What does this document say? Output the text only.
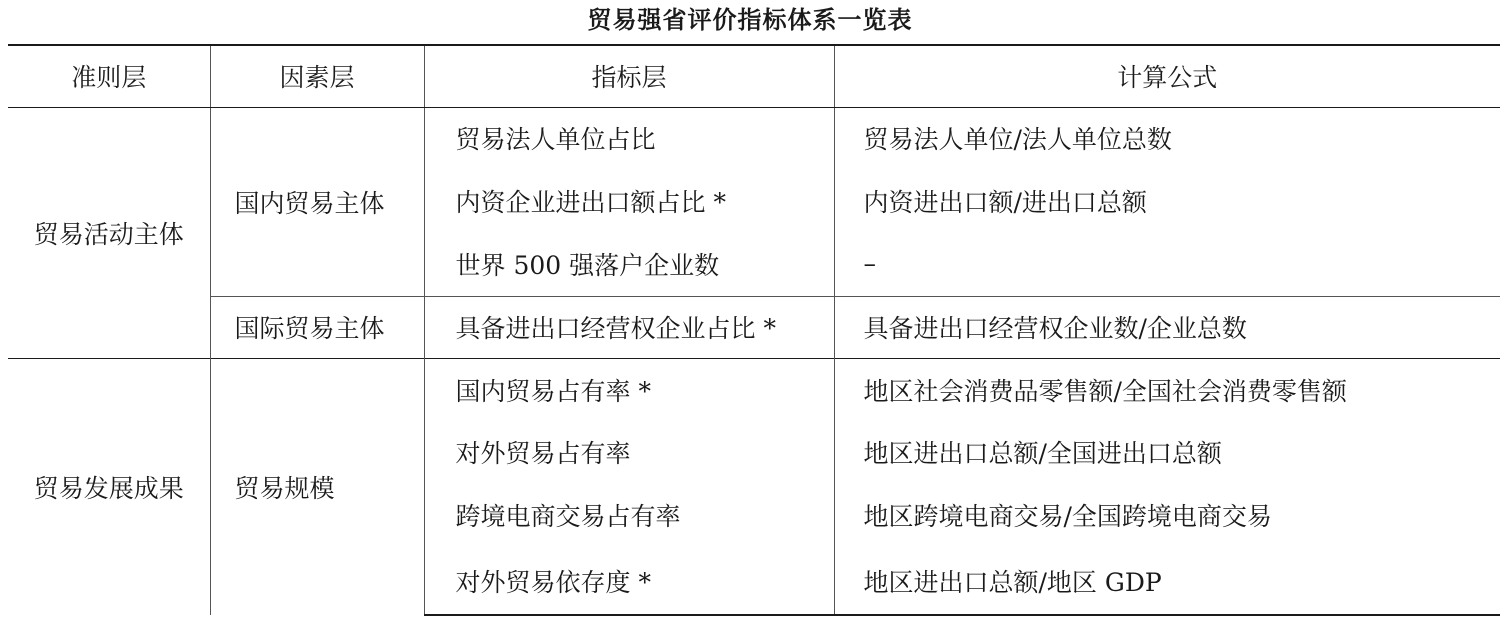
贸易强省评价指标体系一览表
准则层	因素层	指标层	计算公式
贸易活动主体	国内贸易主体	贸易法人单位占比	贸易法人单位/法人单位总数
		内资企业进出口额占比 *	内资进出口额/进出口总额
		世界 500 强落户企业数	–
	国际贸易主体	具备进出口经营权企业占比 *	具备进出口经营权企业数/企业总数
贸易发展成果	贸易规模	国内贸易占有率 *	地区社会消费品零售额/全国社会消费零售额
		对外贸易占有率	地区进出口总额/全国进出口总额
		跨境电商交易占有率	地区跨境电商交易/全国跨境电商交易
		对外贸易依存度 *	地区进出口总额/地区 GDP
